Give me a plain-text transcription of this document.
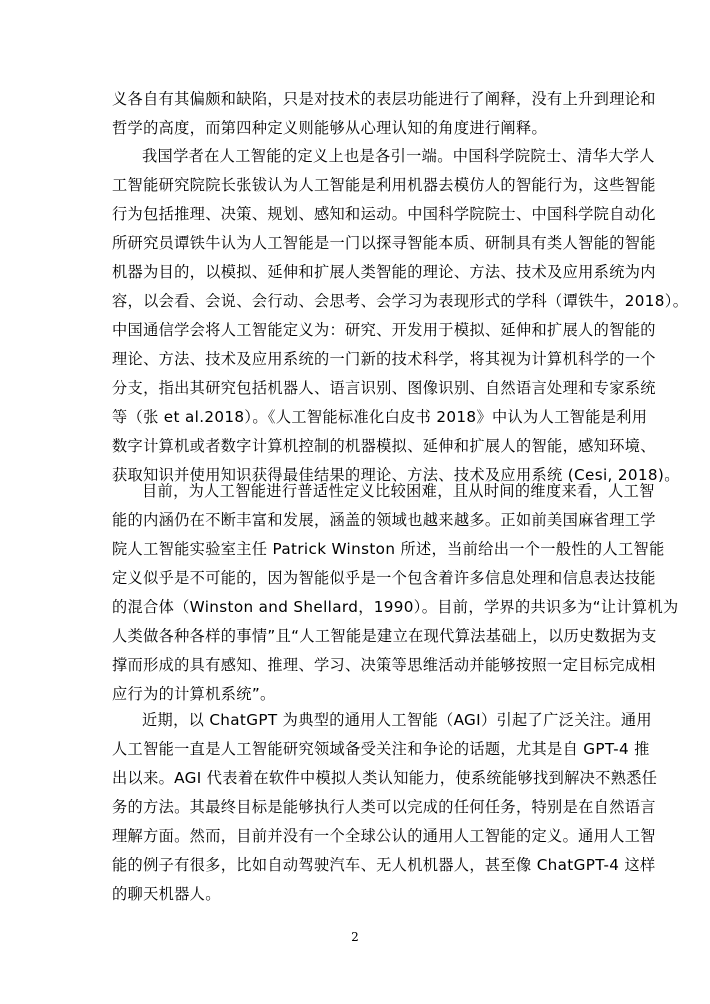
义各自有其偏颇和缺陷，只是对技术的表层功能进行了阐释，没有上升到理论和
哲学的高度，而第四种定义则能够从心理认知的角度进行阐释。
我国学者在人工智能的定义上也是各引一端。中国科学院院士、清华大学人
工智能研究院院长张钹认为人工智能是利用机器去模仿人的智能行为，这些智能
行为包括推理、决策、规划、感知和运动。中国科学院院士、中国科学院自动化
所研究员谭铁牛认为人工智能是一门以探寻智能本质、研制具有类人智能的智能
机器为目的，以模拟、延伸和扩展人类智能的理论、方法、技术及应用系统为内
容，以会看、会说、会行动、会思考、会学习为表现形式的学科（谭铁牛，2018）。
中国通信学会将人工智能定义为：研究、开发用于模拟、延伸和扩展人的智能的
理论、方法、技术及应用系统的一门新的技术科学，将其视为计算机科学的一个
分支，指出其研究包括机器人、语言识别、图像识别、自然语言处理和专家系统
等（张 et al.2018）。《人工智能标准化白皮书 2018》中认为人工智能是利用
数字计算机或者数字计算机控制的机器模拟、延伸和扩展人的智能，感知环境、
获取知识并使用知识获得最佳结果的理论、方法、技术及应用系统 (Cesi, 2018)。
目前，为人工智能进行普适性定义比较困难，且从时间的维度来看，人工智
能的内涵仍在不断丰富和发展，涵盖的领域也越来越多。正如前美国麻省理工学
院人工智能实验室主任 Patrick Winston 所述，当前给出一个一般性的人工智能
定义似乎是不可能的，因为智能似乎是一个包含着许多信息处理和信息表达技能
的混合体（Winston and Shellard，1990）。目前，学界的共识多为“让计算机为
人类做各种各样的事情”且“人工智能是建立在现代算法基础上，以历史数据为支
撑而形成的具有感知、推理、学习、决策等思维活动并能够按照一定目标完成相
应行为的计算机系统”。
近期，以 ChatGPT 为典型的通用人工智能（AGI）引起了广泛关注。通用
人工智能一直是人工智能研究领域备受关注和争论的话题，尤其是自 GPT-4 推
出以来。AGI 代表着在软件中模拟人类认知能力，使系统能够找到解决不熟悉任
务的方法。其最终目标是能够执行人类可以完成的任何任务，特别是在自然语言
理解方面。然而，目前并没有一个全球公认的通用人工智能的定义。通用人工智
能的例子有很多，比如自动驾驶汽车、无人机机器人，甚至像 ChatGPT-4 这样
的聊天机器人。
2
